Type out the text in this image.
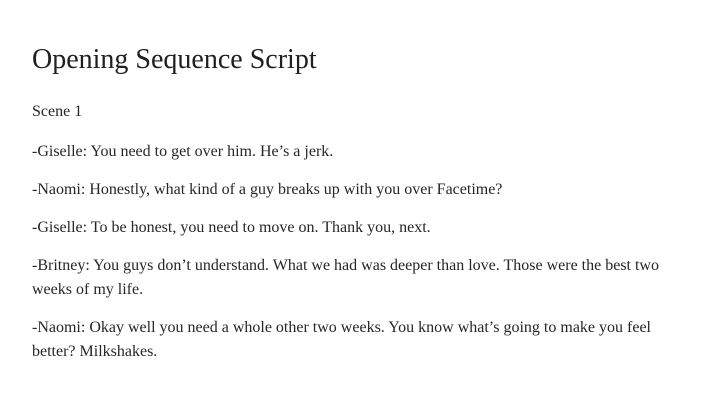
Opening Sequence Script

Scene 1

-Giselle: You need to get over him. He’s a jerk.

-Naomi: Honestly, what kind of a guy breaks up with you over Facetime?

-Giselle: To be honest, you need to move on. Thank you, next.

-Britney: You guys don’t understand. What we had was deeper than love. Those were the best two weeks of my life.

-Naomi: Okay well you need a whole other two weeks. You know what’s going to make you feel better? Milkshakes.
